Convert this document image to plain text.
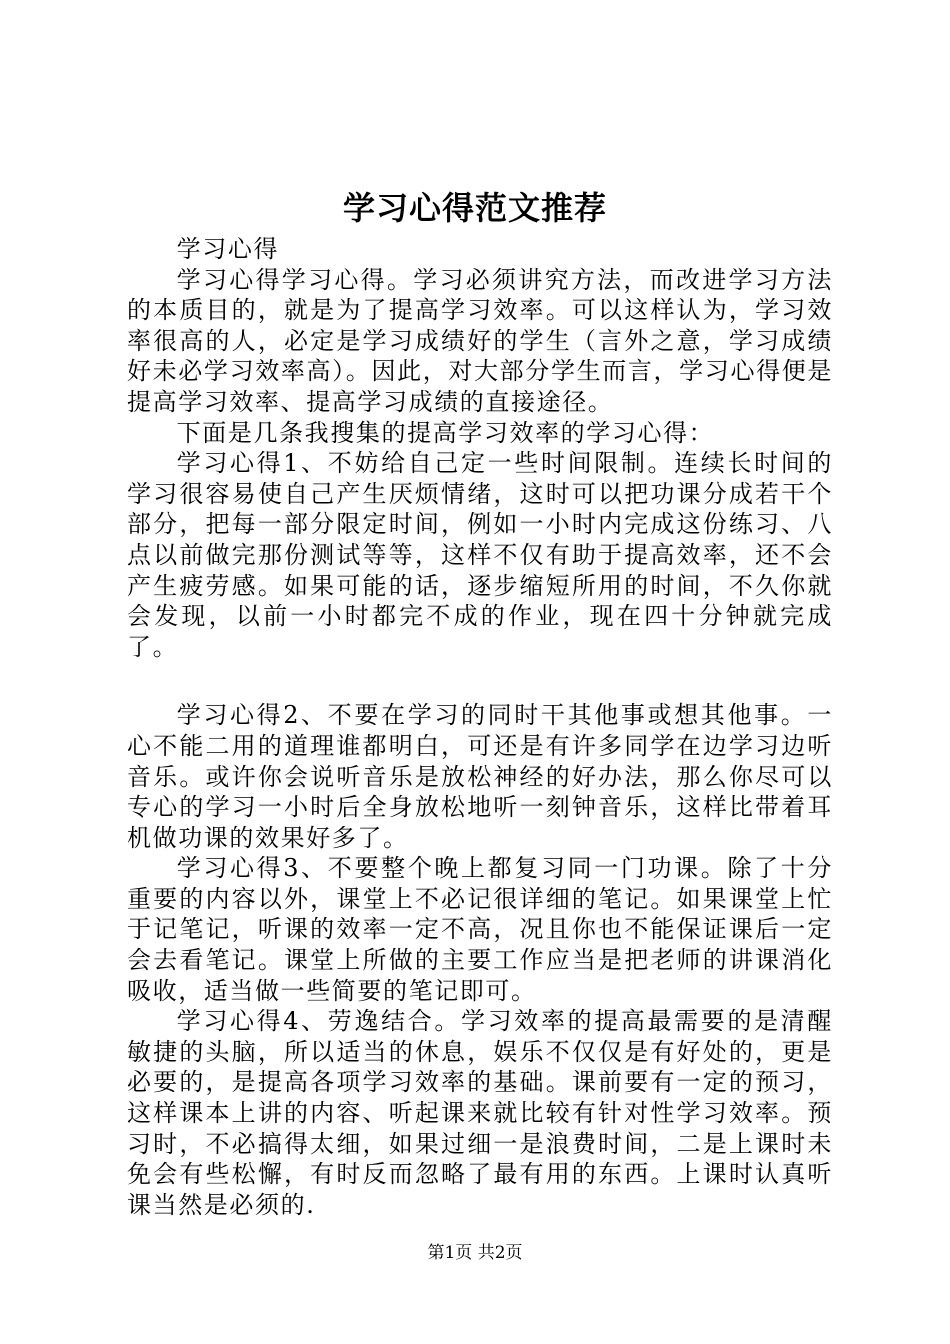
学习心得范文推荐

学习心得

学习心得学习心得。学习必须讲究方法，而改进学习方法的本质目的，就是为了提高学习效率。可以这样认为，学习效率很高的人，必定是学习成绩好的学生（言外之意，学习成绩好未必学习效率高）。因此，对大部分学生而言，学习心得便是提高学习效率、提高学习成绩的直接途径。

下面是几条我搜集的提高学习效率的学习心得：

学习心得1、不妨给自己定一些时间限制。连续长时间的学习很容易使自己产生厌烦情绪，这时可以把功课分成若干个部分，把每一部分限定时间，例如一小时内完成这份练习、八点以前做完那份测试等等，这样不仅有助于提高效率，还不会产生疲劳感。如果可能的话，逐步缩短所用的时间，不久你就会发现，以前一小时都完不成的作业，现在四十分钟就完成了。

学习心得2、不要在学习的同时干其他事或想其他事。一心不能二用的道理谁都明白，可还是有许多同学在边学习边听音乐。或许你会说听音乐是放松神经的好办法，那么你尽可以专心的学习一小时后全身放松地听一刻钟音乐，这样比带着耳机做功课的效果好多了。

学习心得3、不要整个晚上都复习同一门功课。除了十分重要的内容以外，课堂上不必记很详细的笔记。如果课堂上忙于记笔记，听课的效率一定不高，况且你也不能保证课后一定会去看笔记。课堂上所做的主要工作应当是把老师的讲课消化吸收，适当做一些简要的笔记即可。

学习心得4、劳逸结合。学习效率的提高最需要的是清醒敏捷的头脑，所以适当的休息，娱乐不仅仅是有好处的，更是必要的，是提高各项学习效率的基础。课前要有一定的预习，这样课本上讲的内容、听起课来就比较有针对性学习效率。预习时，不必搞得太细，如果过细一是浪费时间，二是上课时未免会有些松懈，有时反而忽略了最有用的东西。上课时认真听课当然是必须的.

第1页 共2页
